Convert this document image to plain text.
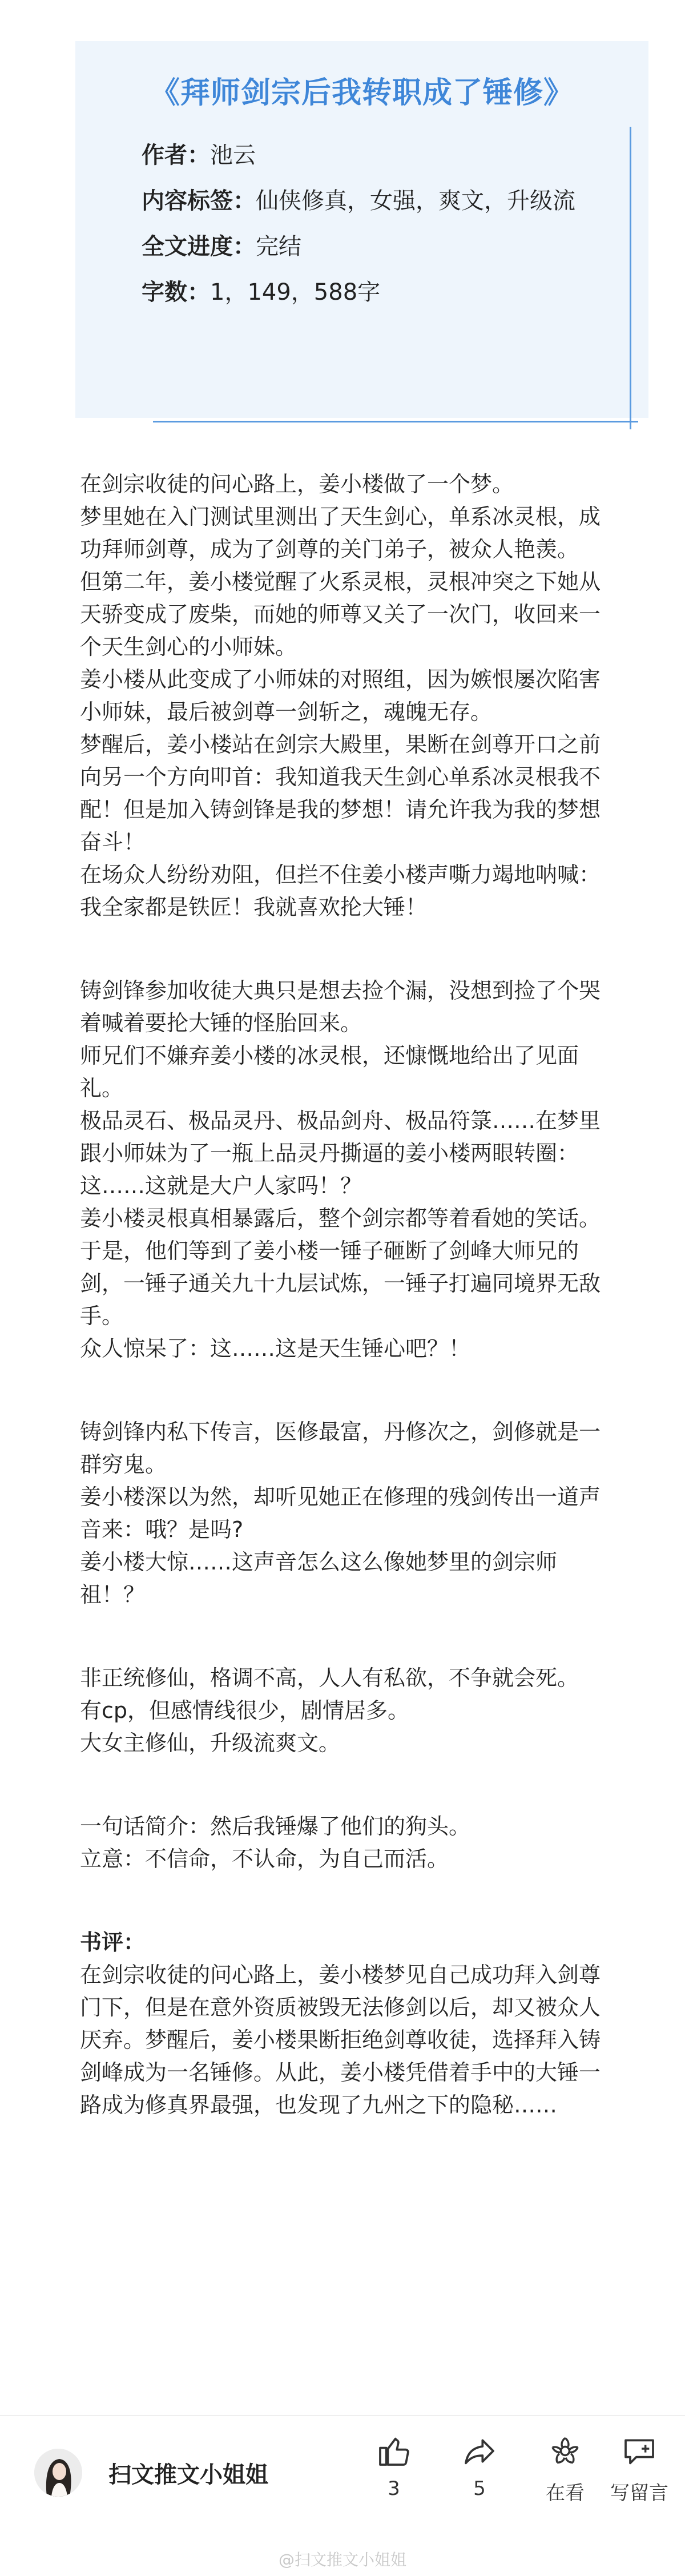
《拜师剑宗后我转职成了锤修》
作者：池云
内容标签：仙侠修真，女强，爽文，升级流
全文进度：完结
字数：1，149，588字

在剑宗收徒的问心路上，姜小楼做了一个梦。

梦里她在入门测试里测出了天生剑心，单系冰灵根，成功拜师剑尊，成为了剑尊的关门弟子，被众人艳羡。

但第二年，姜小楼觉醒了火系灵根，灵根冲突之下她从天骄变成了废柴，而她的师尊又关了一次门，收回来一个天生剑心的小师妹。

姜小楼从此变成了小师妹的对照组，因为嫉恨屡次陷害小师妹，最后被剑尊一剑斩之，魂魄无存。

梦醒后，姜小楼站在剑宗大殿里，果断在剑尊开口之前向另一个方向叩首：我知道我天生剑心单系冰灵根我不配！但是加入铸剑锋是我的梦想！请允许我为我的梦想奋斗！

在场众人纷纷劝阻，但拦不住姜小楼声嘶力竭地呐喊：我全家都是铁匠！我就喜欢抡大锤！

铸剑锋参加收徒大典只是想去捡个漏，没想到捡了个哭着喊着要抡大锤的怪胎回来。

师兄们不嫌弃姜小楼的冰灵根，还慷慨地给出了见面礼。

极品灵石、极品灵丹、极品剑舟、极品符箓……在梦里跟小师妹为了一瓶上品灵丹撕逼的姜小楼两眼转圈：这……这就是大户人家吗！？

姜小楼灵根真相暴露后，整个剑宗都等着看她的笑话。

于是，他们等到了姜小楼一锤子砸断了剑峰大师兄的剑，一锤子通关九十九层试炼，一锤子打遍同境界无敌手。

众人惊呆了：这……这是天生锤心吧？！

铸剑锋内私下传言，医修最富，丹修次之，剑修就是一群穷鬼。

姜小楼深以为然，却听见她正在修理的残剑传出一道声音来：哦？是吗?

姜小楼大惊……这声音怎么这么像她梦里的剑宗师祖！？

非正统修仙，格调不高，人人有私欲，不争就会死。

有cp，但感情线很少，剧情居多。

大女主修仙，升级流爽文。

一句话简介：然后我锤爆了他们的狗头。

立意：不信命，不认命，为自己而活。

书评：

在剑宗收徒的问心路上，姜小楼梦见自己成功拜入剑尊门下，但是在意外资质被毁无法修剑以后，却又被众人厌弃。梦醒后，姜小楼果断拒绝剑尊收徒，选择拜入铸剑峰成为一名锤修。从此，姜小楼凭借着手中的大锤一路成为修真界最强，也发现了九州之下的隐秘……

扫文推文小姐姐
3	5	在看	写留言
@扫文推文小姐姐
